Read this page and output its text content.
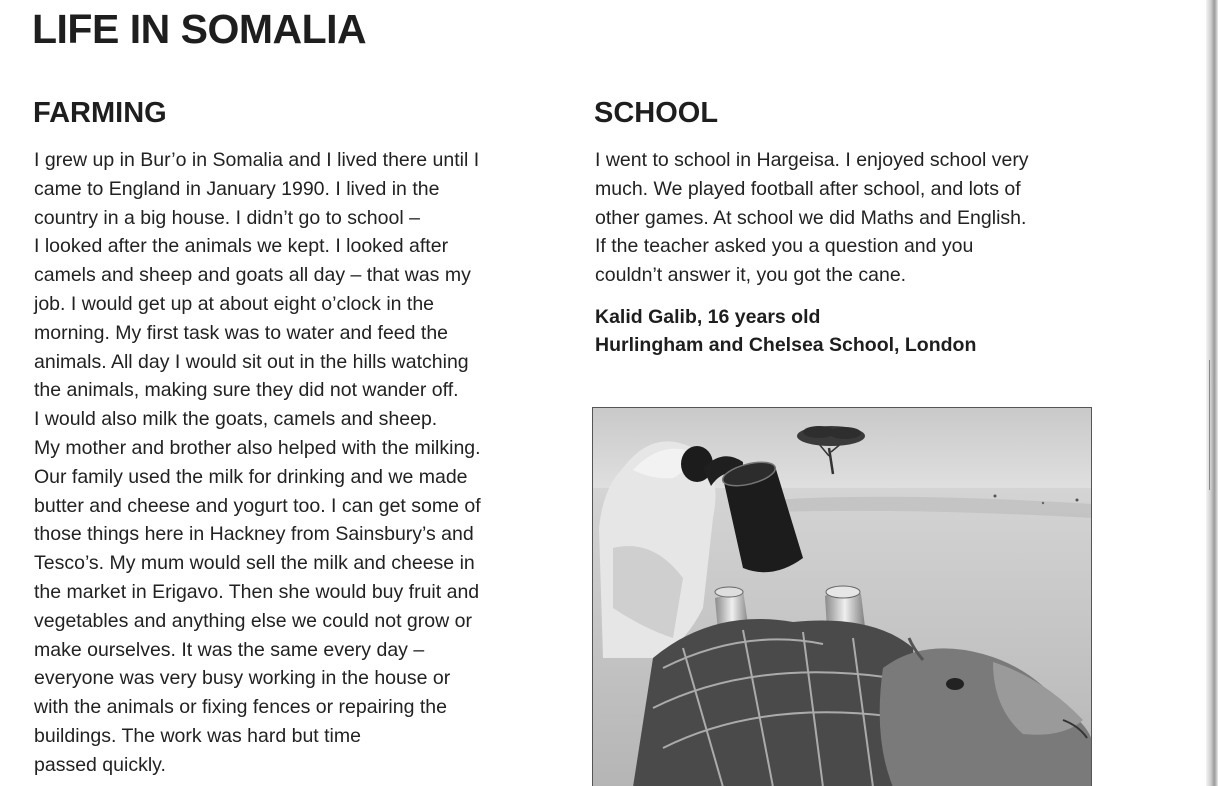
LIFE IN SOMALIA
FARMING
I grew up in Bur’o in Somalia and I lived there until I
came to England in January 1990. I lived in the
country in a big house. I didn’t go to school –
I looked after the animals we kept. I looked after
camels and sheep and goats all day – that was my
job. I would get up at about eight o’clock in the
morning. My first task was to water and feed the
animals. All day I would sit out in the hills watching
the animals, making sure they did not wander off.
I would also milk the goats, camels and sheep.
My mother and brother also helped with the milking.
Our family used the milk for drinking and we made
butter and cheese and yogurt too. I can get some of
those things here in Hackney from Sainsbury’s and
Tesco’s. My mum would sell the milk and cheese in
the market in Erigavo. Then she would buy fruit and
vegetables and anything else we could not grow or
make ourselves. It was the same every day –
everyone was very busy working in the house or
with the animals or fixing fences or repairing the
buildings. The work was hard but time
passed quickly.
SCHOOL
I went to school in Hargeisa. I enjoyed school very
much. We played football after school, and lots of
other games. At school we did Maths and English.
If the teacher asked you a question and you
couldn’t answer it, you got the cane.
Kalid Galib, 16 years old
Hurlingham and Chelsea School, London
